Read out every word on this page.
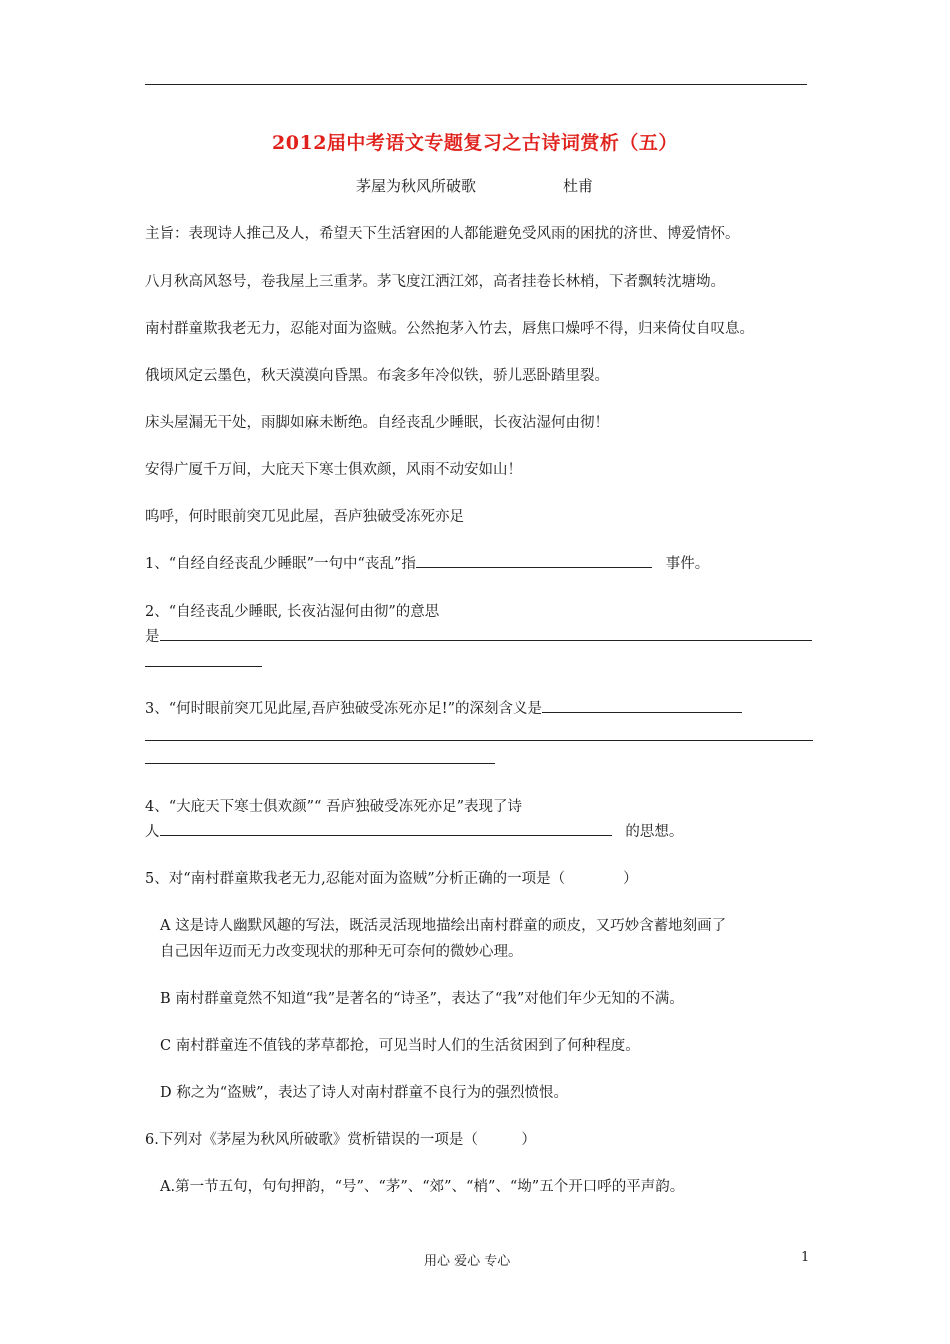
2012届中考语文专题复习之古诗词赏析（五）
茅屋为秋风所破歌	杜甫
主旨：表现诗人推己及人，希望天下生活窘困的人都能避免受风雨的困扰的济世、博爱情怀。
八月秋高风怒号，卷我屋上三重茅。茅飞度江洒江郊，高者挂卷长林梢，下者飘转沈塘坳。
南村群童欺我老无力，忍能对面为盗贼。公然抱茅入竹去，唇焦口燥呼不得，归来倚仗自叹息。
俄顷风定云墨色，秋天漠漠向昏黑。布衾多年冷似铁，骄儿恶卧踏里裂。
床头屋漏无干处，雨脚如麻未断绝。自经丧乱少睡眠，长夜沾湿何由彻！
安得广厦千万间，大庇天下寒士俱欢颜，风雨不动安如山！
呜呼，何时眼前突兀见此屋，吾庐独破受冻死亦足
1、“自经自经丧乱少睡眠”一句中“丧乱”指	事件。
2、“自经丧乱少睡眠, 长夜沾湿何由彻”的意思
是
3、“何时眼前突兀见此屋,吾庐独破受冻死亦足!”的深刻含义是
4、“大庇天下寒士俱欢颜”“ 吾庐独破受冻死亦足”表现了诗
人	的思想。
5、对“南村群童欺我老无力,忍能对面为盗贼”分析正确的一项是（　　　　）
A 这是诗人幽默风趣的写法，既活灵活现地描绘出南村群童的顽皮，又巧妙含蓄地刻画了
自己因年迈而无力改变现状的那种无可奈何的微妙心理。
B 南村群童竟然不知道“我”是著名的“诗圣”，表达了“我”对他们年少无知的不满。
C 南村群童连不值钱的茅草都抢，可见当时人们的生活贫困到了何种程度。
D 称之为“盗贼”，表达了诗人对南村群童不良行为的强烈愤恨。
6.下列对《茅屋为秋风所破歌》赏析错误的一项是（　　　）
A.第一节五句，句句押韵，“号”、“茅”、“郊”、“梢”、“坳”五个开口呼的平声韵。
用心 爱心 专心	1
